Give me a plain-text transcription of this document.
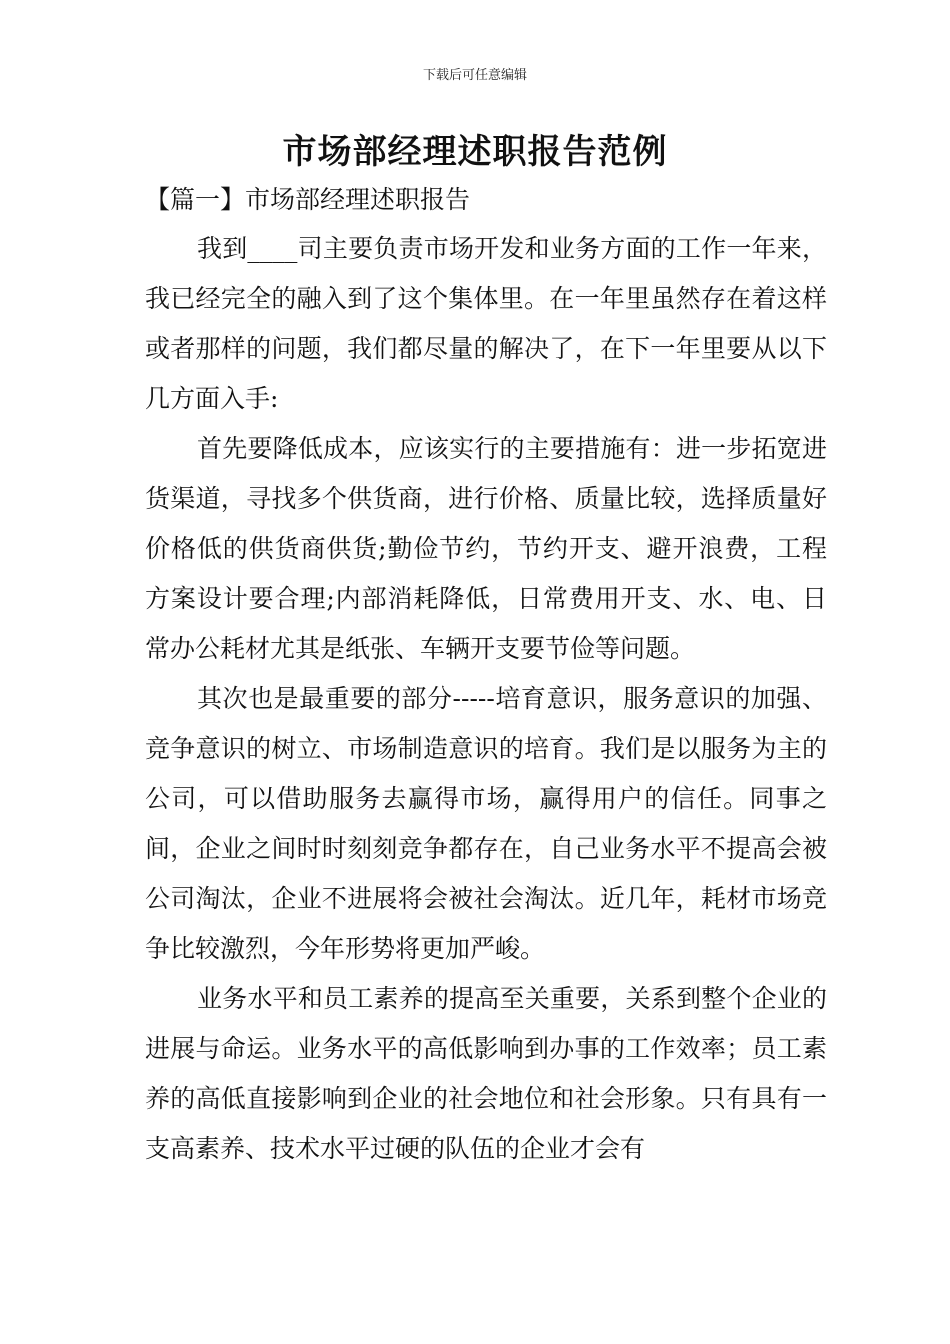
下载后可任意编辑
市场部经理述职报告范例
【篇一】市场部经理述职报告

我到____司主要负责市场开发和业务方面的工作一年来，我已经完全的融入到了这个集体里。在一年里虽然存在着这样或者那样的问题，我们都尽量的解决了，在下一年里要从以下几方面入手:

首先要降低成本，应该实行的主要措施有：进一步拓宽进货渠道，寻找多个供货商，进行价格、质量比较，选择质量好价格低的供货商供货;勤俭节约，节约开支、避开浪费，工程方案设计要合理;内部消耗降低，日常费用开支、水、电、日常办公耗材尤其是纸张、车辆开支要节俭等问题。

其次也是最重要的部分-----培育意识，服务意识的加强、竞争意识的树立、市场制造意识的培育。我们是以服务为主的公司，可以借助服务去赢得市场，赢得用户的信任。同事之间，企业之间时时刻刻竞争都存在，自己业务水平不提高会被公司淘汰，企业不进展将会被社会淘汰。近几年，耗材市场竞争比较激烈，今年形势将更加严峻。

业务水平和员工素养的提高至关重要，关系到整个企业的进展与命运。业务水平的高低影响到办事的工作效率；员工素养的高低直接影响到企业的社会地位和社会形象。只有具有一支高素养、技术水平过硬的队伍的企业才会有
